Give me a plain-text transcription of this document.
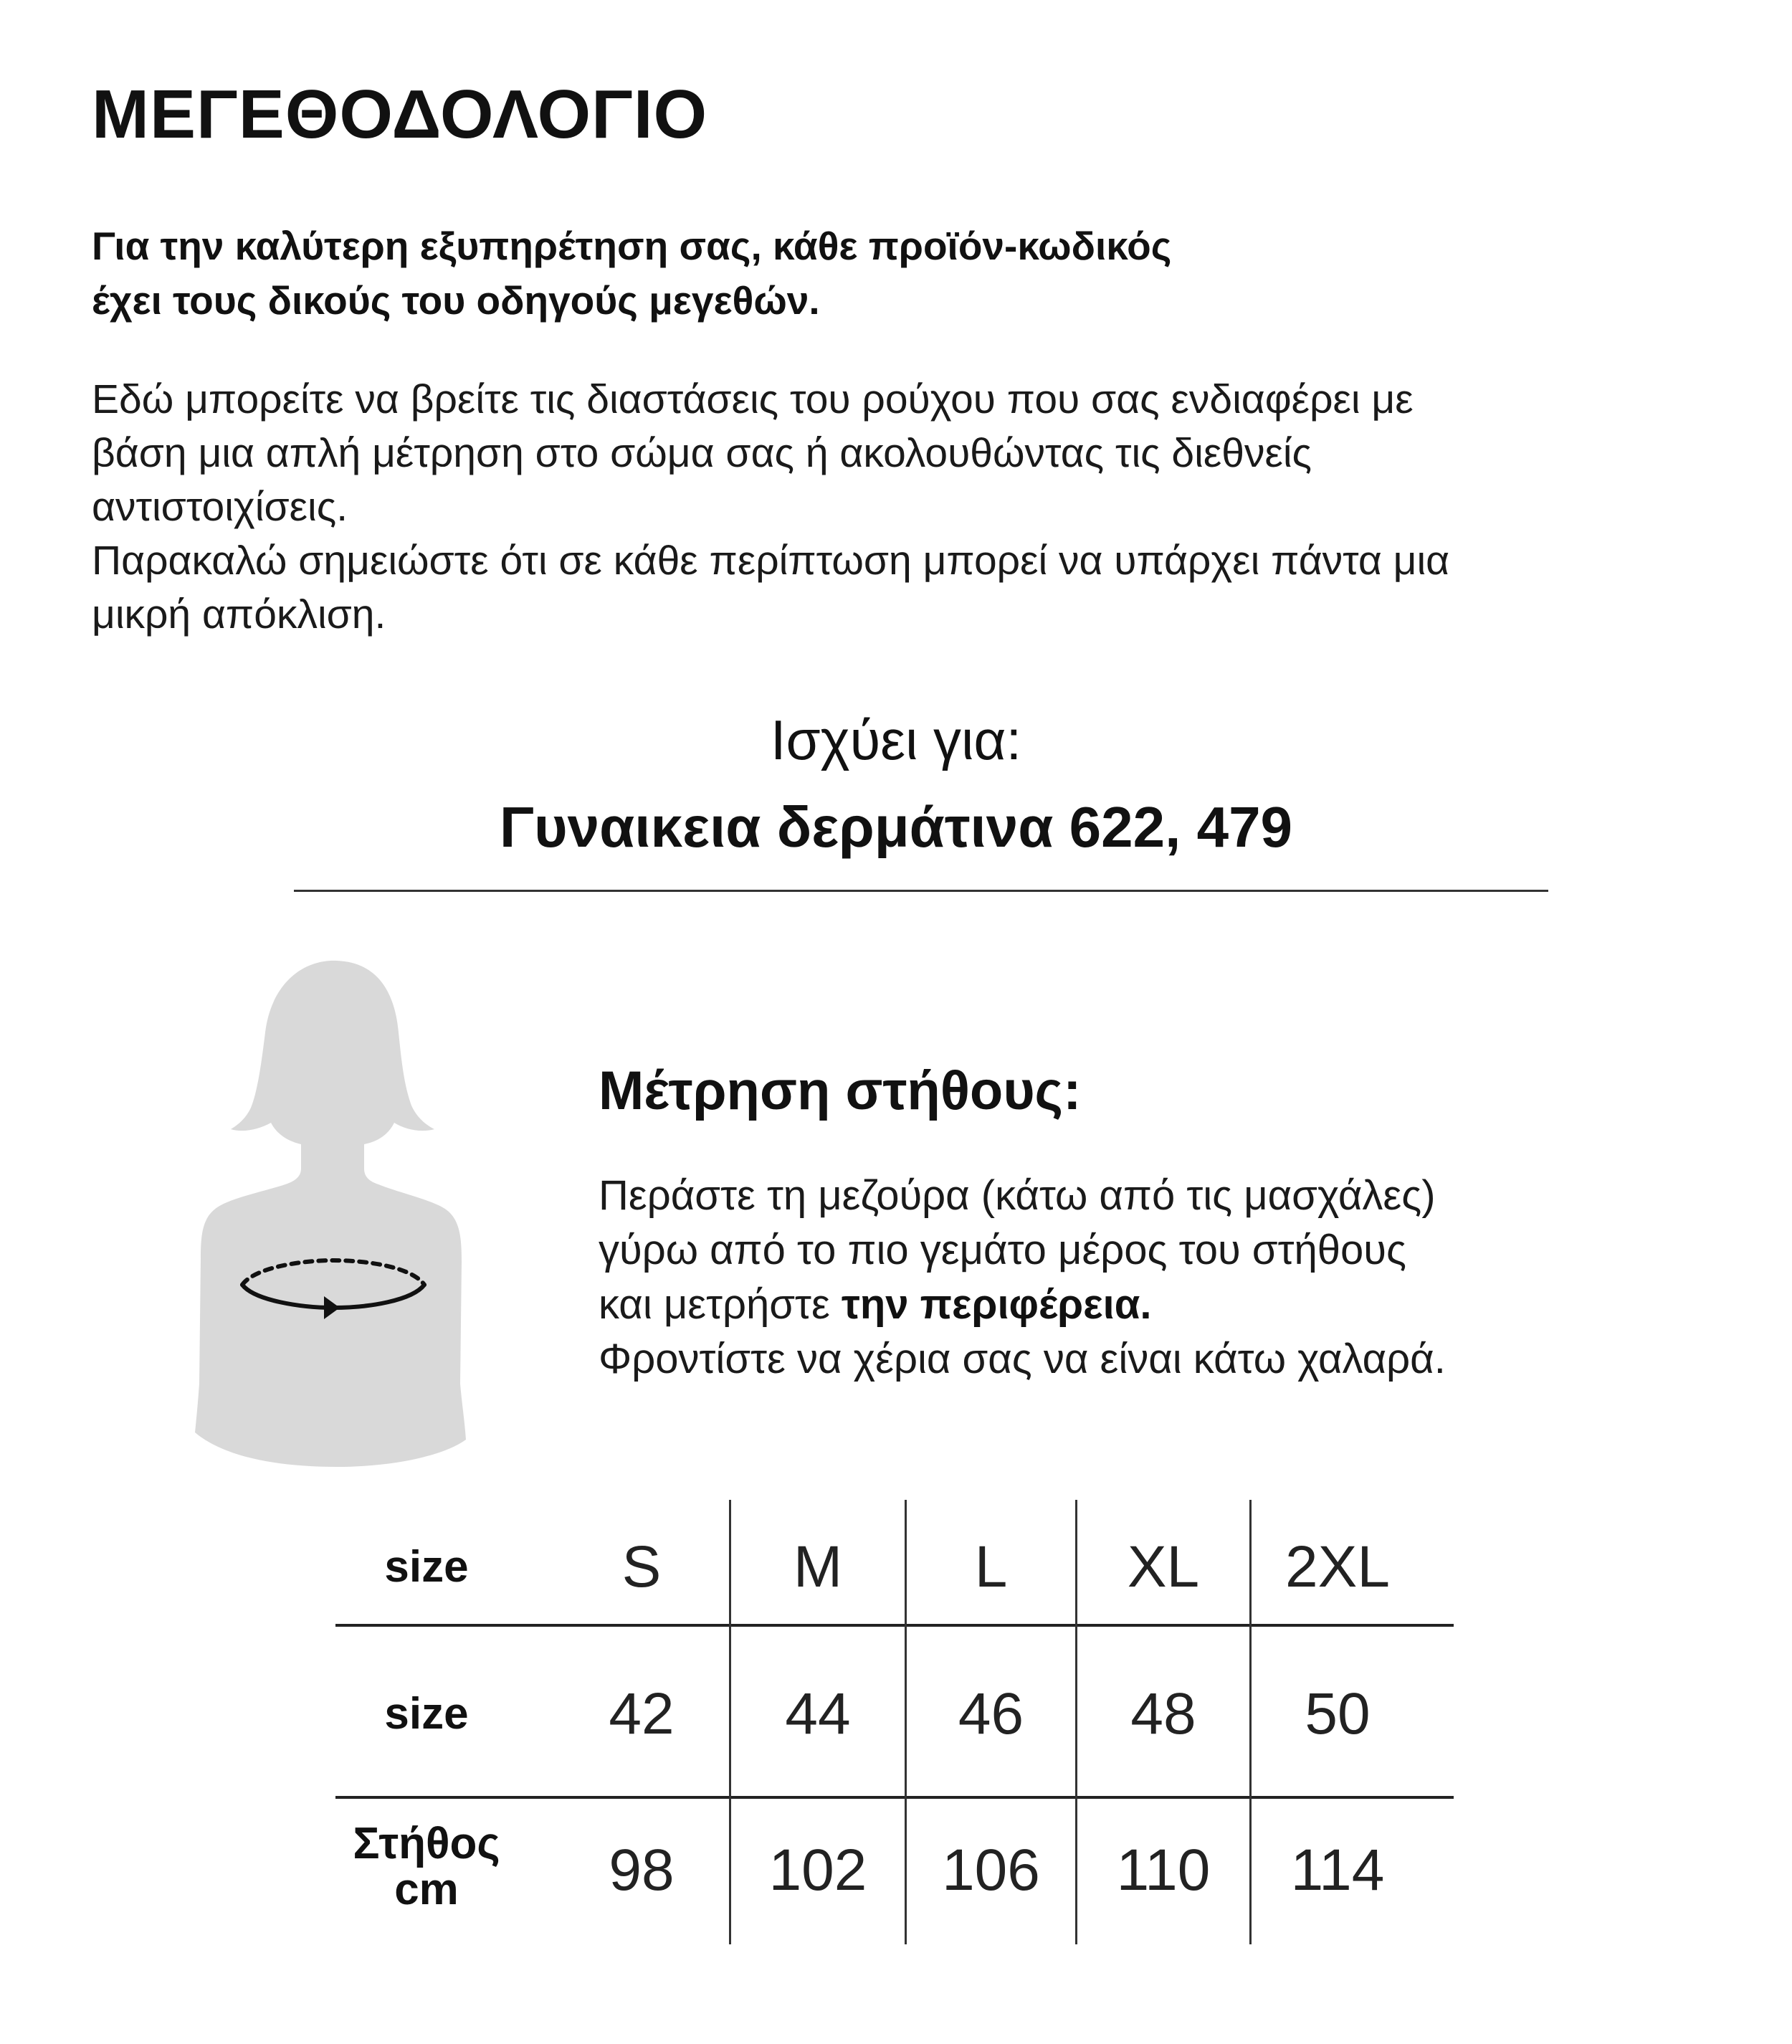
ΜΕΓΕΘΟΔΟΛΟΓΙΟ
Για την καλύτερη εξυπηρέτηση σας, κάθε προϊόν-κωδικός
έχει τους δικούς του οδηγούς μεγεθών.
Εδώ μπορείτε να βρείτε τις διαστάσεις του ρούχου που σας ενδιαφέρει με
βάση μια απλή μέτρηση στο σώμα σας ή ακολουθώντας τις διεθνείς
αντιστοιχίσεις.
Παρακαλώ σημειώστε ότι σε κάθε περίπτωση μπορεί να υπάρχει πάντα μια
μικρή απόκλιση.
Ισχύει για:
Γυναικεια δερμάτινα 622, 479
Μέτρηση στήθους:
Περάστε τη μεζούρα (κάτω από τις μασχάλες)
γύρω από το πιο γεμάτο μέρος του στήθους
και μετρήστε την περιφέρεια.
Φροντίστε να χέρια σας να είναι κάτω χαλαρά.
size	S	M	L	XL	2XL
size	42	44	46	48	50
Στήθος
cm	98	102	106	110	114
